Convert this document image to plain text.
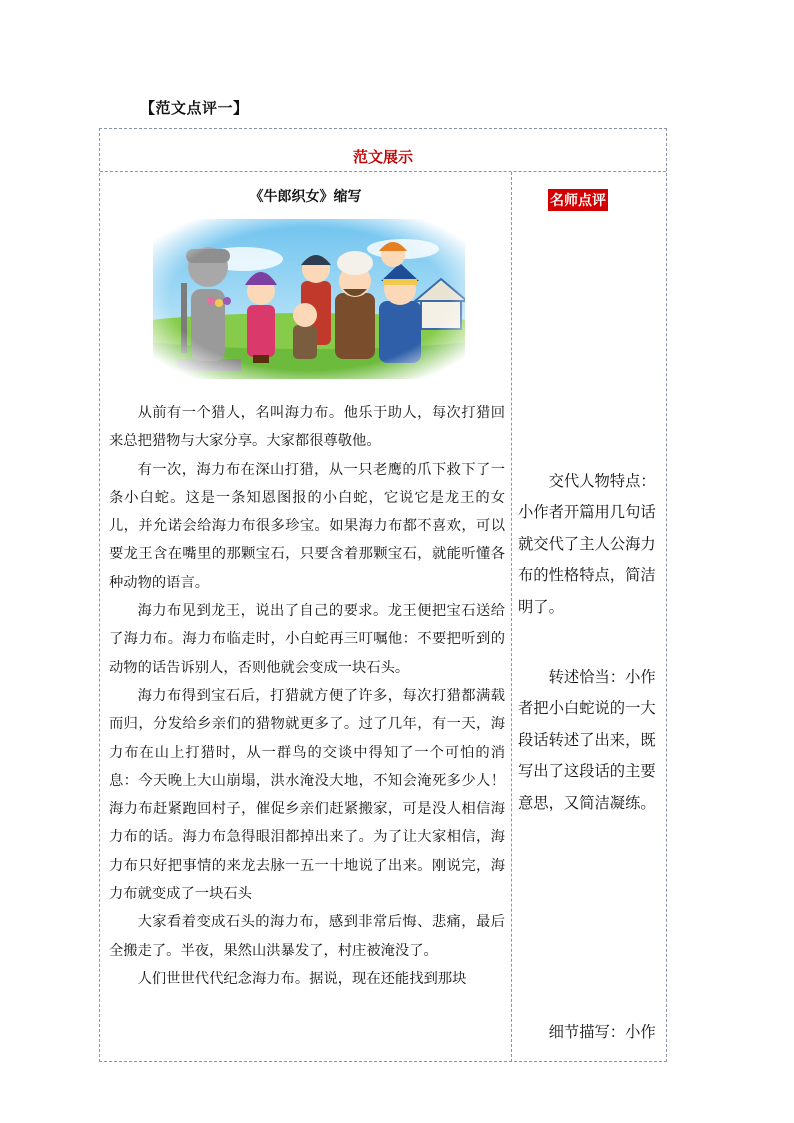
【范文点评一】
范文展示
《牛郎织女》缩写

从前有一个猎人，名叫海力布。他乐于助人，每次打猎回来总把猎物与大家分享。大家都很尊敬他。

有一次，海力布在深山打猎，从一只老鹰的爪下救下了一条小白蛇。这是一条知恩图报的小白蛇，它说它是龙王的女儿，并允诺会给海力布很多珍宝。如果海力布都不喜欢，可以要龙王含在嘴里的那颗宝石，只要含着那颗宝石，就能听懂各种动物的语言。

海力布见到龙王，说出了自己的要求。龙王便把宝石送给了海力布。海力布临走时，小白蛇再三叮嘱他：不要把听到的动物的话告诉别人，否则他就会变成一块石头。

海力布得到宝石后，打猎就方便了许多，每次打猎都满载而归，分发给乡亲们的猎物就更多了。过了几年，有一天，海力布在山上打猎时，从一群鸟的交谈中得知了一个可怕的消息：今天晚上大山崩塌，洪水淹没大地，不知会淹死多少人！海力布赶紧跑回村子，催促乡亲们赶紧搬家，可是没人相信海力布的话。海力布急得眼泪都掉出来了。为了让大家相信，海力布只好把事情的来龙去脉一五一十地说了出来。刚说完，海力布就变成了一块石头

大家看着变成石头的海力布，感到非常后悔、悲痛，最后全搬走了。半夜，果然山洪暴发了，村庄被淹没了。

人们世世代代纪念海力布。据说，现在还能找到那块

名师点评

交代人物特点：小作者开篇用几句话就交代了主人公海力布的性格特点，简洁明了。

转述恰当：小作者把小白蛇说的一大段话转述了出来，既写出了这段话的主要意思，又简洁凝练。

细节描写：小作
